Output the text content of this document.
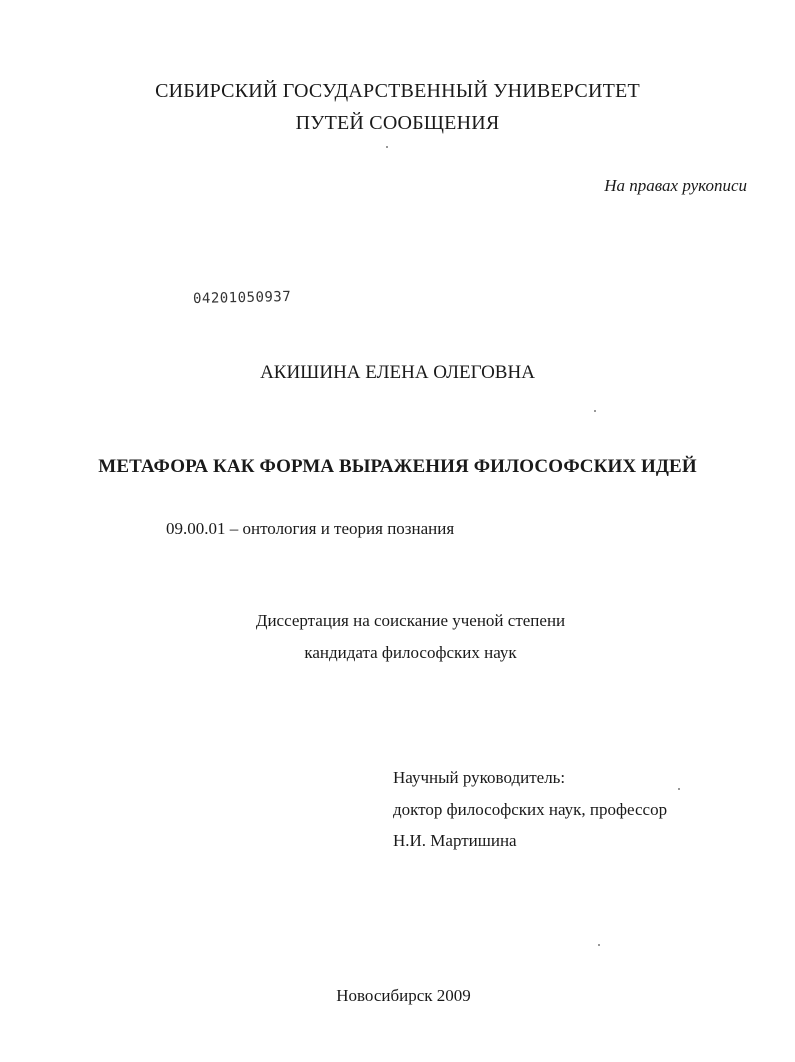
СИБИРСКИЙ ГОСУДАРСТВЕННЫЙ УНИВЕРСИТЕТ

ПУТЕЙ СООБЩЕНИЯ

На правах рукописи

04201050937

АКИШИНА ЕЛЕНА ОЛЕГОВНА

МЕТАФОРА КАК ФОРМА ВЫРАЖЕНИЯ ФИЛОСОФСКИХ ИДЕЙ

09.00.01 – онтология и теория познания

Диссертация на соискание ученой степени

кандидата философских наук

Научный руководитель:

доктор философских наук, профессор

Н.И. Мартишина

Новосибирск 2009
